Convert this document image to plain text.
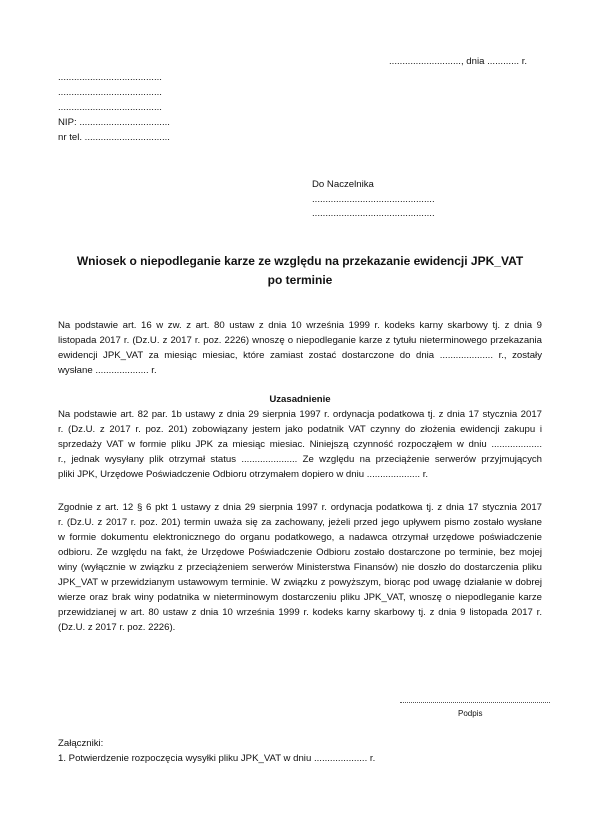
..........................., dnia ............ r.
.......................................
.......................................
.......................................
NIP: ..................................
nr tel. ................................
Do Naczelnika
..............................................
..............................................
Wniosek o niepodleganie karze ze względu na przekazanie ewidencji JPK_VAT
po terminie
Na podstawie art. 16 w zw. z art. 80 ustaw z dnia 10 września 1999 r. kodeks karny skarbowy tj. z dnia 9
listopada 2017 r. (Dz.U. z 2017 r. poz. 2226) wnoszę o niepodleganie karze z tytułu nieterminowego przekazania
ewidencji JPK_VAT za miesiąc miesiac, które zamiast zostać dostarczone do dnia .................... r., zostały
wysłane .................... r.
Uzasadnienie
Na podstawie art. 82 par. 1b ustawy z dnia 29 sierpnia 1997 r. ordynacja podatkowa tj. z dnia 17 stycznia 2017
r. (Dz.U. z 2017 r. poz. 201) zobowiązany jestem jako podatnik VAT czynny do złożenia ewidencji zakupu i
sprzedaży VAT w formie pliku JPK za miesiąc miesiac. Niniejszą czynność rozpocząłem w dniu ...................
r., jednak wysyłany plik otrzymał status ..................... Ze względu na przeciążenie serwerów przyjmujących
pliki JPK, Urzędowe Poświadczenie Odbioru otrzymałem dopiero w dniu .................... r.
Zgodnie z art. 12 § 6 pkt 1 ustawy z dnia 29 sierpnia 1997 r. ordynacja podatkowa tj. z dnia 17 stycznia 2017
r. (Dz.U. z 2017 r. poz. 201) termin uważa się za zachowany, jeżeli przed jego upływem pismo zostało wysłane
w formie dokumentu elektronicznego do organu podatkowego, a nadawca otrzymał urzędowe poświadczenie
odbioru. Ze względu na fakt, że Urzędowe Poświadczenie Odbioru zostało dostarczone po terminie, bez mojej
winy (wyłącznie w związku z przeciążeniem serwerów Ministerstwa Finansów) nie doszło do dostarczenia pliku
JPK_VAT w przewidzianym ustawowym terminie. W związku z powyższym, biorąc pod uwagę działanie w dobrej
wierze oraz brak winy podatnika w nieterminowym dostarczeniu pliku JPK_VAT, wnoszę o niepodleganie karze
przewidzianej w art. 80 ustaw z dnia 10 września 1999 r. kodeks karny skarbowy tj. z dnia 9 listopada 2017 r.
(Dz.U. z 2017 r. poz. 2226).
Podpis
Załączniki:
1. Potwierdzenie rozpoczęcia wysyłki pliku JPK_VAT w dniu .................... r.
